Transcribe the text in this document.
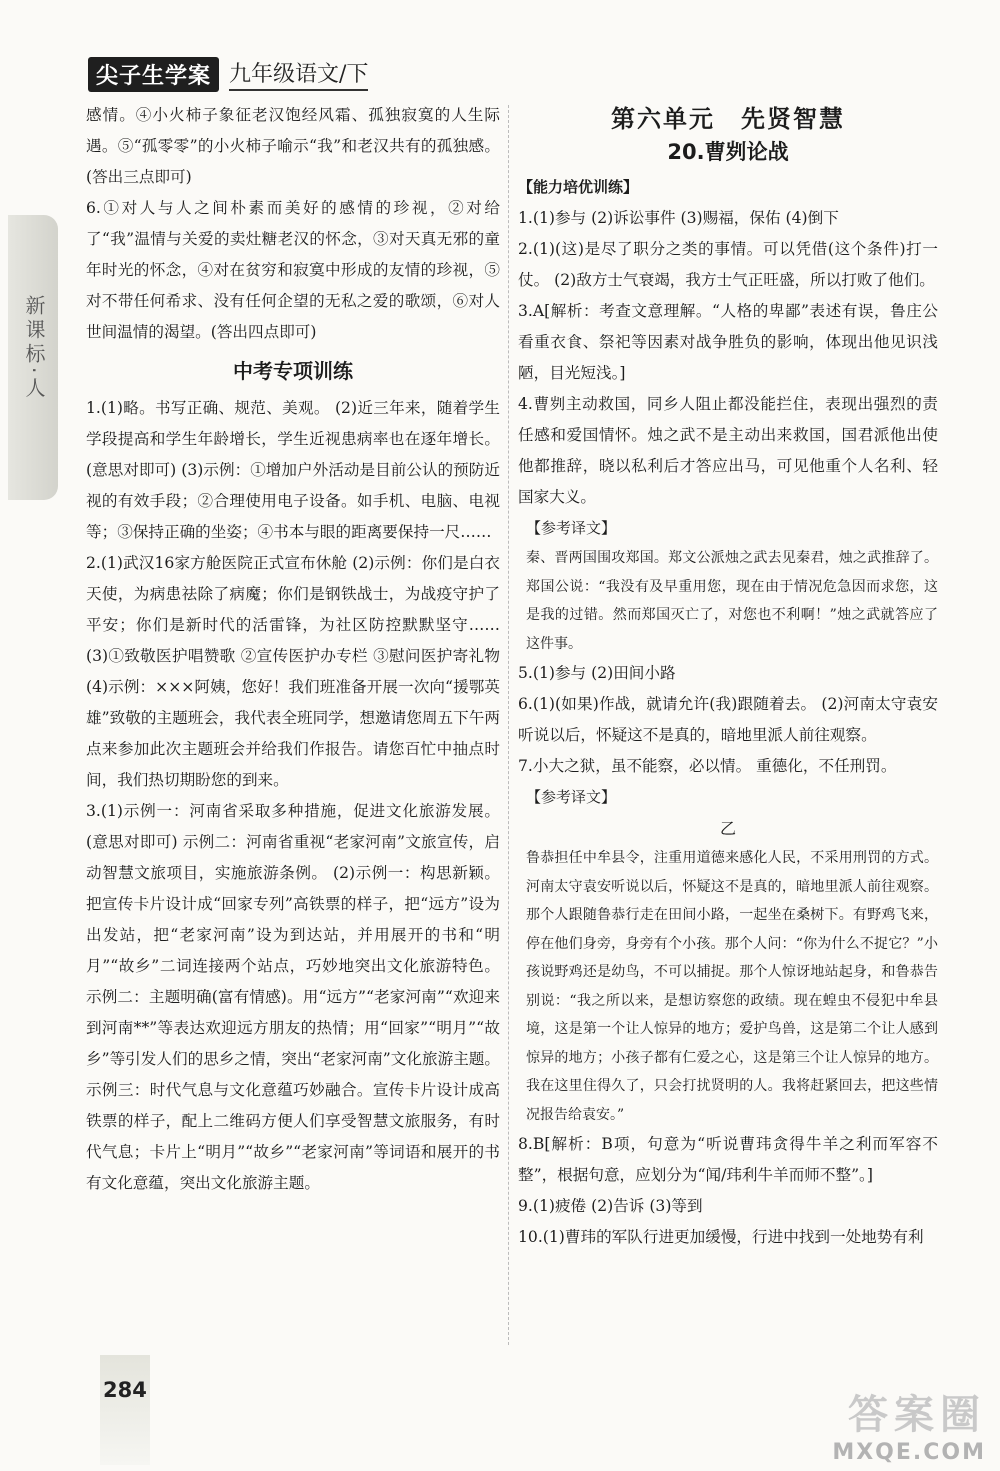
尖子生学案 九年级语文/下
新课标·人

感情。④小火柿子象征老汉饱经风霜、孤独寂寞的人生际遇。⑤“孤零零”的小火柿子喻示“我”和老汉共有的孤独感。(答出三点即可)

6.①对人与人之间朴素而美好的感情的珍视，②对给了“我”温情与关爱的卖灶糖老汉的怀念，③对天真无邪的童年时光的怀念，④对在贫穷和寂寞中形成的友情的珍视，⑤对不带任何希求、没有任何企望的无私之爱的歌颂，⑥对人世间温情的渴望。(答出四点即可)

中考专项训练

1.(1)略。书写正确、规范、美观。 (2)近三年来，随着学生学段提高和学生年龄增长，学生近视患病率也在逐年增长。(意思对即可) (3)示例：①增加户外活动是目前公认的预防近视的有效手段；②合理使用电子设备。如手机、电脑、电视等；③保持正确的坐姿；④书本与眼的距离要保持一尺……

2.(1)武汉16家方舱医院正式宣布休舱 (2)示例：你们是白衣天使，为病患祛除了病魔；你们是钢铁战士，为战疫守护了平安；你们是新时代的活雷锋，为社区防控默默坚守…… (3)①致敬医护唱赞歌 ②宣传医护办专栏 ③慰问医护寄礼物 (4)示例：×××阿姨，您好！我们班准备开展一次向“援鄂英雄”致敬的主题班会，我代表全班同学，想邀请您周五下午两点来参加此次主题班会并给我们作报告。请您百忙中抽点时间，我们热切期盼您的到来。

3.(1)示例一：河南省采取多种措施，促进文化旅游发展。(意思对即可) 示例二：河南省重视“老家河南”文旅宣传，启动智慧文旅项目，实施旅游条例。 (2)示例一：构思新颖。把宣传卡片设计成“回家专列”高铁票的样子，把“远方”设为出发站，把“老家河南”设为到达站，并用展开的书和“明月”“故乡”二词连接两个站点，巧妙地突出文化旅游特色。 示例二：主题明确(富有情感)。用“远方”“老家河南”“欢迎来到河南**”等表达欢迎远方朋友的热情；用“回家”“明月”“故乡”等引发人们的思乡之情，突出“老家河南”文化旅游主题。 示例三：时代气息与文化意蕴巧妙融合。宣传卡片设计成高铁票的样子，配上二维码方便人们享受智慧文旅服务，有时代气息；卡片上“明月”“故乡”“老家河南”等词语和展开的书有文化意蕴，突出文化旅游主题。

第六单元　先贤智慧
20.曹刿论战
【能力培优训练】

1.(1)参与 (2)诉讼事件 (3)赐福，保佑 (4)倒下

2.(1)(这)是尽了职分之类的事情。可以凭借(这个条件)打一仗。 (2)敌方士气衰竭，我方士气正旺盛，所以打败了他们。

3.A[解析：考查文意理解。“人格的卑鄙”表述有误，鲁庄公看重衣食、祭祀等因素对战争胜负的影响，体现出他见识浅陋，目光短浅。]

4.曹刿主动救国，同乡人阻止都没能拦住，表现出强烈的责任感和爱国情怀。烛之武不是主动出来救国，国君派他出使他都推辞，晓以私利后才答应出马，可见他重个人名利、轻国家大义。

【参考译文】

秦、晋两国围攻郑国。郑文公派烛之武去见秦君，烛之武推辞了。郑国公说：“我没有及早重用您，现在由于情况危急因而求您，这是我的过错。然而郑国灭亡了，对您也不利啊！”烛之武就答应了这件事。

5.(1)参与 (2)田间小路

6.(1)(如果)作战，就请允许(我)跟随着去。 (2)河南太守袁安听说以后，怀疑这不是真的，暗地里派人前往观察。

7.小大之狱，虽不能察，必以情。 重德化，不任刑罚。

【参考译文】
乙

鲁恭担任中牟县令，注重用道德来感化人民，不采用刑罚的方式。河南太守袁安听说以后，怀疑这不是真的，暗地里派人前往观察。那个人跟随鲁恭行走在田间小路，一起坐在桑树下。有野鸡飞来，停在他们身旁，身旁有个小孩。那个人问：“你为什么不捉它？”小孩说野鸡还是幼鸟，不可以捕捉。那个人惊讶地站起身，和鲁恭告别说：“我之所以来，是想访察您的政绩。现在蝗虫不侵犯中牟县境，这是第一个让人惊异的地方；爱护鸟兽，这是第二个让人感到惊异的地方；小孩子都有仁爱之心，这是第三个让人惊异的地方。我在这里住得久了，只会打扰贤明的人。我将赶紧回去，把这些情况报告给袁安。”

8.B[解析：B项，句意为“听说曹玮贪得牛羊之利而军容不整”，根据句意，应划分为“闻/玮利牛羊而师不整”。]

9.(1)疲倦 (2)告诉 (3)等到

10.(1)曹玮的军队行进更加缓慢，行进中找到一处地势有利

284
答案圈
MXQE.COM
